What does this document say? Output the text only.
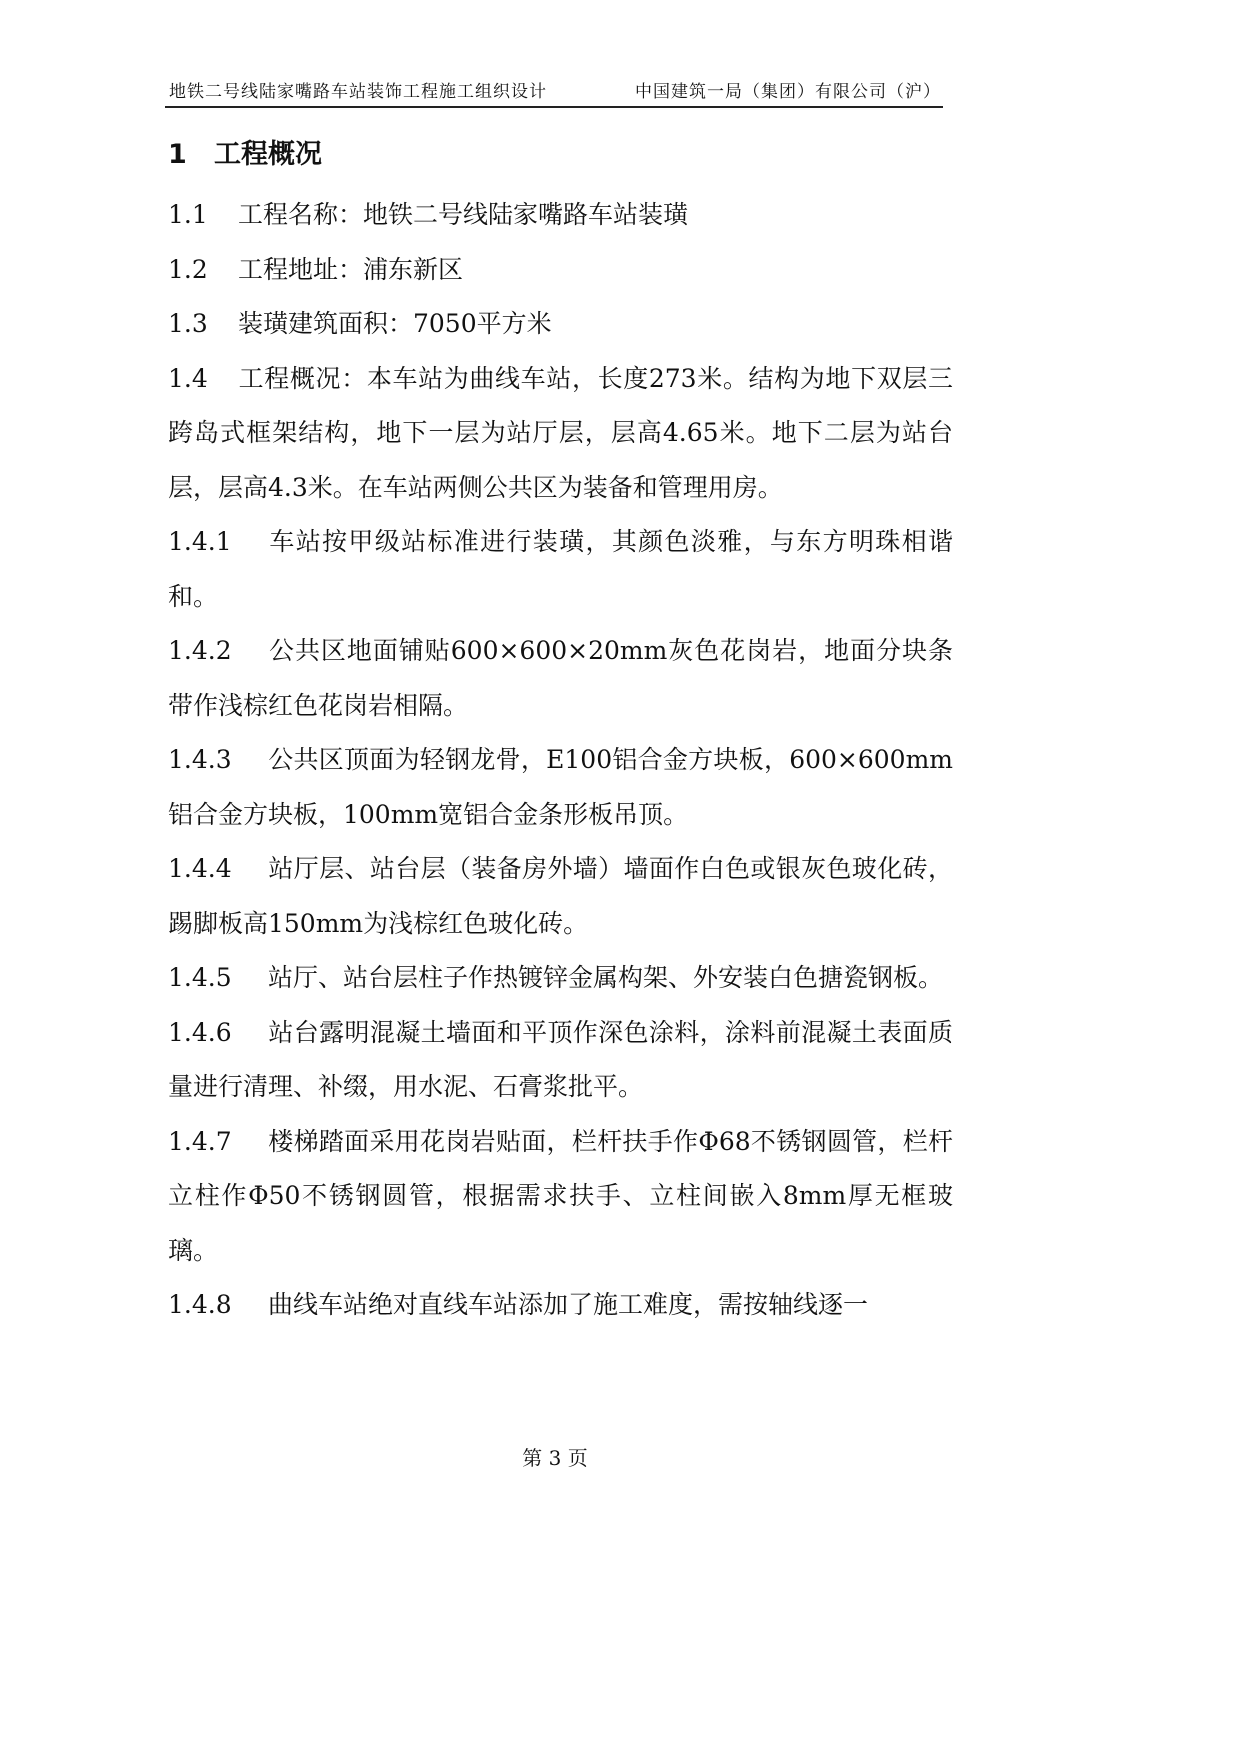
地铁二号线陆家嘴路车站装饰工程施工组织设计	中国建筑一局（集团）有限公司（沪）
1 工程概况

1.1 工程名称：地铁二号线陆家嘴路车站装璜

1.2 工程地址：浦东新区

1.3 装璜建筑面积：7050平方米

1.4 工程概况：本车站为曲线车站，长度273米。结构为地下双层三跨岛式框架结构，地下一层为站厅层，层高4.65米。地下二层为站台层，层高4.3米。在车站两侧公共区为装备和管理用房。

1.4.1 车站按甲级站标准进行装璜，其颜色淡雅，与东方明珠相谐和。

1.4.2 公共区地面铺贴600×600×20mm灰色花岗岩，地面分块条带作浅棕红色花岗岩相隔。

1.4.3 公共区顶面为轻钢龙骨，E100铝合金方块板，600×600mm铝合金方块板，100mm宽铝合金条形板吊顶。

1.4.4 站厅层、站台层（装备房外墙）墙面作白色或银灰色玻化砖，踢脚板高150mm为浅棕红色玻化砖。

1.4.5 站厅、站台层柱子作热镀锌金属构架、外安装白色搪瓷钢板。

1.4.6 站台露明混凝土墙面和平顶作深色涂料，涂料前混凝土表面质量进行清理、补缀，用水泥、石膏浆批平。

1.4.7 楼梯踏面采用花岗岩贴面，栏杆扶手作Φ68不锈钢圆管，栏杆立柱作Φ50不锈钢圆管，根据需求扶手、立柱间嵌入8mm厚无框玻璃。

1.4.8 曲线车站绝对直线车站添加了施工难度，需按轴线逐一

第 3 页
